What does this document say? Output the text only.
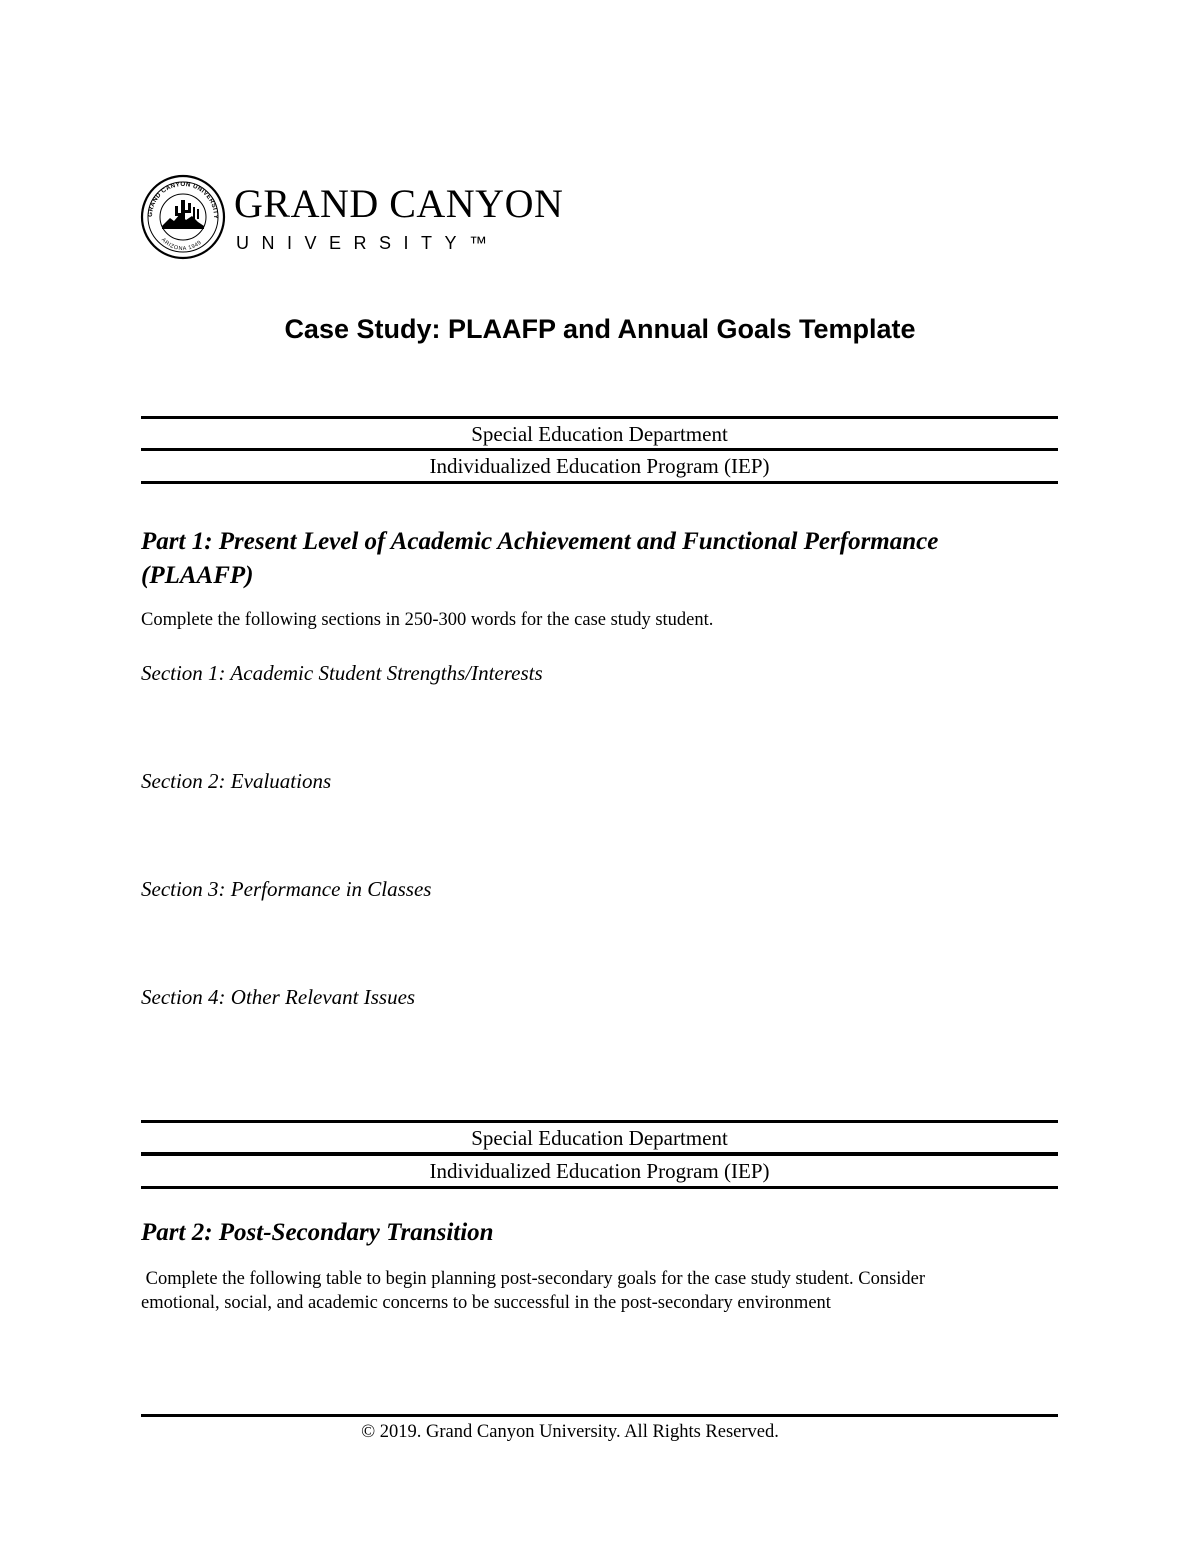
GRAND CANYON UNIVERSITY
ARIZONA 1949
GRAND CANYON
UNIVERSITY™
Case Study: PLAAFP and Annual Goals Template
Special Education Department
Individualized Education Program (IEP)
Part 1: Present Level of Academic Achievement and Functional Performance
(PLAAFP)

Complete the following sections in 250-300 words for the case study student.

Section 1: Academic Student Strengths/Interests
Section 2: Evaluations
Section 3: Performance in Classes
Section 4: Other Relevant Issues
Special Education Department
Individualized Education Program (IEP)
Part 2: Post-Secondary Transition

Complete the following table to begin planning post-secondary goals for the case study student. Consider

emotional, social, and academic concerns to be successful in the post-secondary environment

© 2019. Grand Canyon University. All Rights Reserved.
